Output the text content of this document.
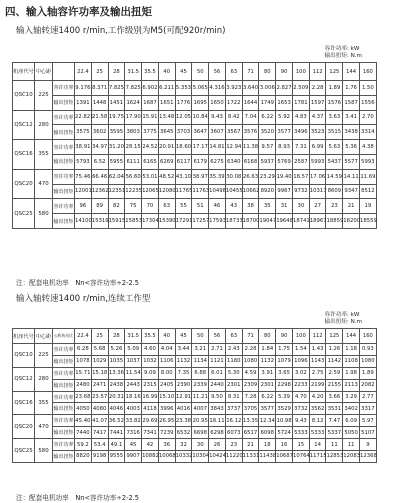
四、输入轴容许功率及输出扭矩
输入轴转速1400 r/min,工作级别为M5(可配920r/min)
容许功率: kW
输出扭矩: N.m
机座代号	中心距		22.4	25	28	31.5	35.5	40	45	50	56	63	71	80	90	100	112	125	144	160
QSC10	225	容许功率	9.176	8.371	7.825	7.825	6.902	6.211	5.353	5.065	4.316	3.923	3.640	3.006	2.827	2.509	2.28	1.89	1.76	1.50
		输出扭矩	1391	1448	1451	1624	1687	1651	1776	1695	1650	1722	1644	1749	1653	1781	1597	1576	1587	1556
QSC12	280	容许功率	22.821	21.58	19.75	17.90	15.91	13.48	12.05	10.84	9.43	8.42	7.04	6.22	5.92	4.83	4.37	3.63	3.41	2.70
		输出扭矩	3575	3602	3595	3803	3775	3645	3703	3647	3607	3567	3576	3520	3577	3496	3523	3515	3438	3314
QSC16	355	容许功率	38.91	34.97	31.20	28.15	24.52	20.91	18.60	17.17	14.81	12.94	11.38	9.57	8.93	7.31	6.99	5.63	5.36	4.38
		输出扭矩	5793	6.52	5955	6111	6165	6269	6117	6179	6275	6340	6168	5937	5769	2587	5993	5437	5577	5993
QSC20	470	容许功率	75.46	66.46	62.04	56.60	53.01	48.52	43.10	38.97	35.39	30.08	26.63	23.29	19.40	18.57	17.06	14.59	14.11	11.69
		输出扭矩	12001	12362	12351	12235	12065	12080	11765	11763	10498	10455	10662	8920	9967	9732	10317	8609	9347	8512
QSC25	580	容许功率	96	89	82	75	70	63	55	51	46	43	38	35	31	30	27	23	21	19
		输出扭矩	14100	15319	15915	15853	17304	15390	17291	17257	17593	18733	18700	19047	19648	18741	18967	18859	18200	18559
注：配套电机功率　Nn<容许功率÷2-2.5
输入轴转速1400 r/min,连续工作型
容许功率: kW
输出扭矩: N.m
机座代号	中心距	公称传动比	22.4	25	28	31.5	35.5	40	45	50	56	63	71	80	90	100	112	125	144	160
QSC10	225	容许功率	6.28	5.68	5.26	5.09	4.60	4.04	3.44	3.21	2.71	2.43	2.28	1.84	1.75	1.54	1.43	1.26	1.18	0.93
		输出扭矩	1078	1029	1035	1037	1032	1106	1132	1134	1121	1180	1080	1132	1079	1096	1143	1142	1108	1080
QSC12	280	容许功率	15.71	15.18	13.36	11.54	9.09	8.00	7.35	6.88	6.01	5.30	4.59	3.91	3.65	3.02	2.75	2.59	1.98	1.89
		输出扭矩	2480	2471	2438	2443	2315	2405	2390	2339	2440	2301	2309	2301	2298	2233	2199	2155	2113	2082
QSC16	355	容许功率	23.68	23.57	20.31	18.16	16.99	15.10	12.91	11.21	9.50	8.31	7.28	6.22	5.39	4.70	4.20	3.66	3.29	2.77
		输出扭矩	4050	4080	4046	4003	4118	3996	4016	4007	3843	3737	3705	3577	3529	3732	3562	3531	3402	3317
QSC20	470	容许功率	45.40	41.07	36.52	33.82	29.69	26.95	23.38	20.95	18.11	16.12	13.35	12.34	10.98	9.43	8.12	7.47	6.09	5.97
		输出扭矩	7440	7417	7441	7316	7341	7239	6532	6698	6298	6073	6517	6098	5724	5333	5333	5337	5050	5107
QSC25	580	容许功率	59.2	53.4	49.1	45	42	36	32	30	26	23	21	18	16	15	14	11	11	9
		输出扭矩	8820	9198	9555	9907	10882	10068	10332	10304	10424	11220	11331	11438	10687	10764	11715	12853	12083	12368
注：配套电机功率　Nn<容许功率÷2-2.5
